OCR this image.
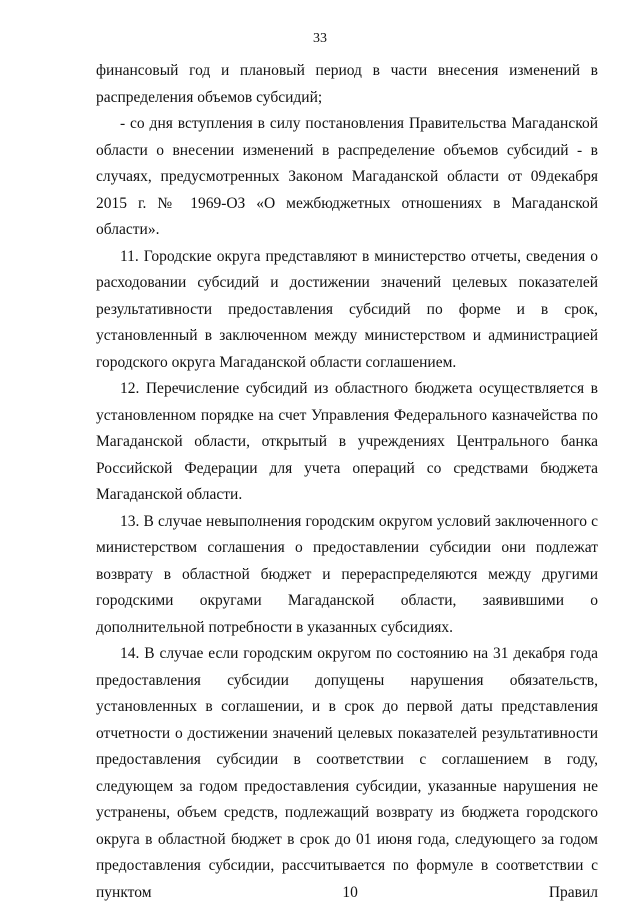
33

финансовый год и плановый период в части внесения изменений в распределения объемов субсидий;

- со дня вступления в силу постановления Правительства Магаданской области о внесении изменений в распределение объемов субсидий - в случаях, предусмотренных Законом Магаданской области от 09декабря 2015 г. № 1969-ОЗ «О межбюджетных отношениях в Магаданской области».

11. Городские округа представляют в министерство отчеты, сведения о расходовании субсидий и достижении значений целевых показателей результативности предоставления субсидий по форме и в срок, установленный в заключенном между министерством и администрацией городского округа Магаданской области соглашением.

12. Перечисление субсидий из областного бюджета осуществляется в установленном порядке на счет Управления Федерального казначейства по Магаданской области, открытый в учреждениях Центрального банка Российской Федерации для учета операций со средствами бюджета Магаданской области.

13. В случае невыполнения городским округом условий заключенного с министерством соглашения о предоставлении субсидии они подлежат возврату в областной бюджет и перераспределяются между другими городскими округами Магаданской области, заявившими о дополнительной потребности в указанных субсидиях.

14. В случае если городским округом по состоянию на 31 декабря года предоставления субсидии допущены нарушения обязательств, установленных в соглашении, и в срок до первой даты представления отчетности о достижении значений целевых показателей результативности предоставления субсидии в соответствии с соглашением в году, следующем за годом предоставления субсидии, указанные нарушения не устранены, объем средств, подлежащий возврату из бюджета городского округа в областной бюджет в срок до 01 июня года, следующего за годом предоставления субсидии, рассчитывается по формуле в соответствии с пунктом 10 Правил
